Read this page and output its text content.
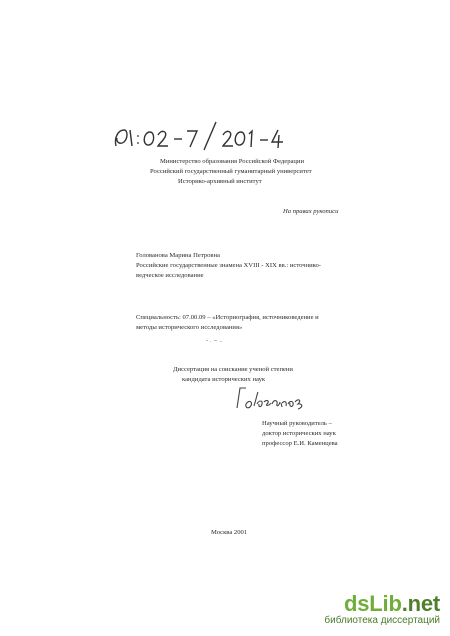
Министерство образования Российской Федерации
Российский государственный гуманитарный университет
Историко-архивный институт
На правах рукописи
Голованова Марина Петровна
Российские государственные знамена XVIII - XIX вв.: источнико-
ведческое исследование
Специальность: 07.00.09 – «Историография, источниковедение и
методы исторического исследования»
Диссертация на соискание ученой степени
кандидата исторических наук
Научный руководитель –
доктор исторических наук
профессор Е.И. Каменцева
Москва 2001
dsLib.net
библиотека диссертаций
